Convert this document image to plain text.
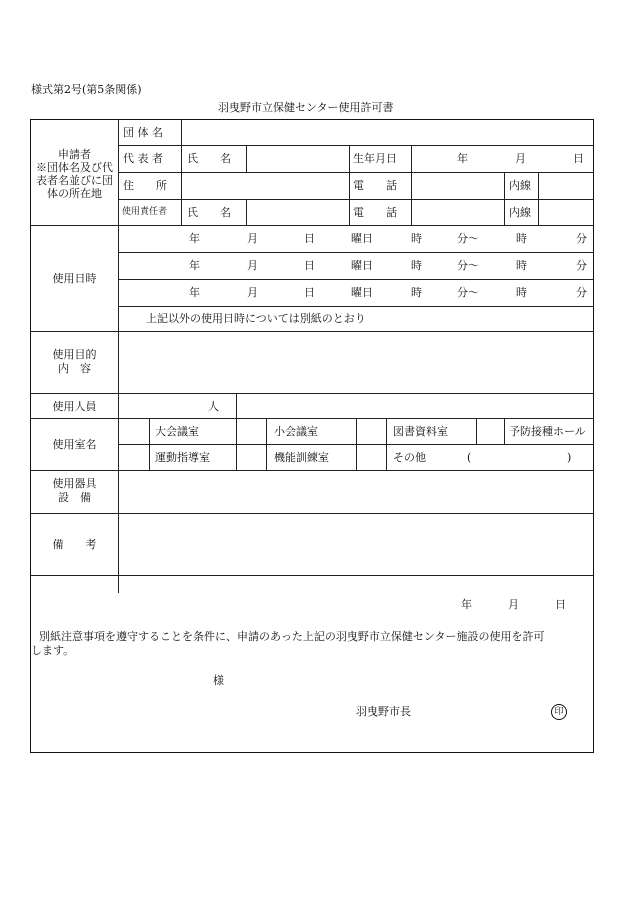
様式第2号(第5条関係)
羽曳野市立保健センター使用許可書
申請者
※団体名及び代
表者名並びに団
体の所在地
団 体 名
代 表 者 氏　　名	生年月日	年	月	日
住　　所	電　　話	内線
使用責任者 氏　　名	電　　話	内線
使用日時
年	月	日	曜日	時	分～	時	分
年	月	日	曜日	時	分～	時	分
年	月	日	曜日	時	分～	時	分
上記以外の使用日時については別紙のとおり
使用目的
内　容
使用人員	人
使用室名
大会議室	小会議室	図書資料室	予防接種ホール
運動指導室	機能訓練室	その他	(	)
使用器具
設　備
備　　考
年	月	日
別紙注意事項を遵守することを条件に、申請のあった上記の羽曳野市立保健センター施設の使用を許可
します。
様
羽曳野市長	印
